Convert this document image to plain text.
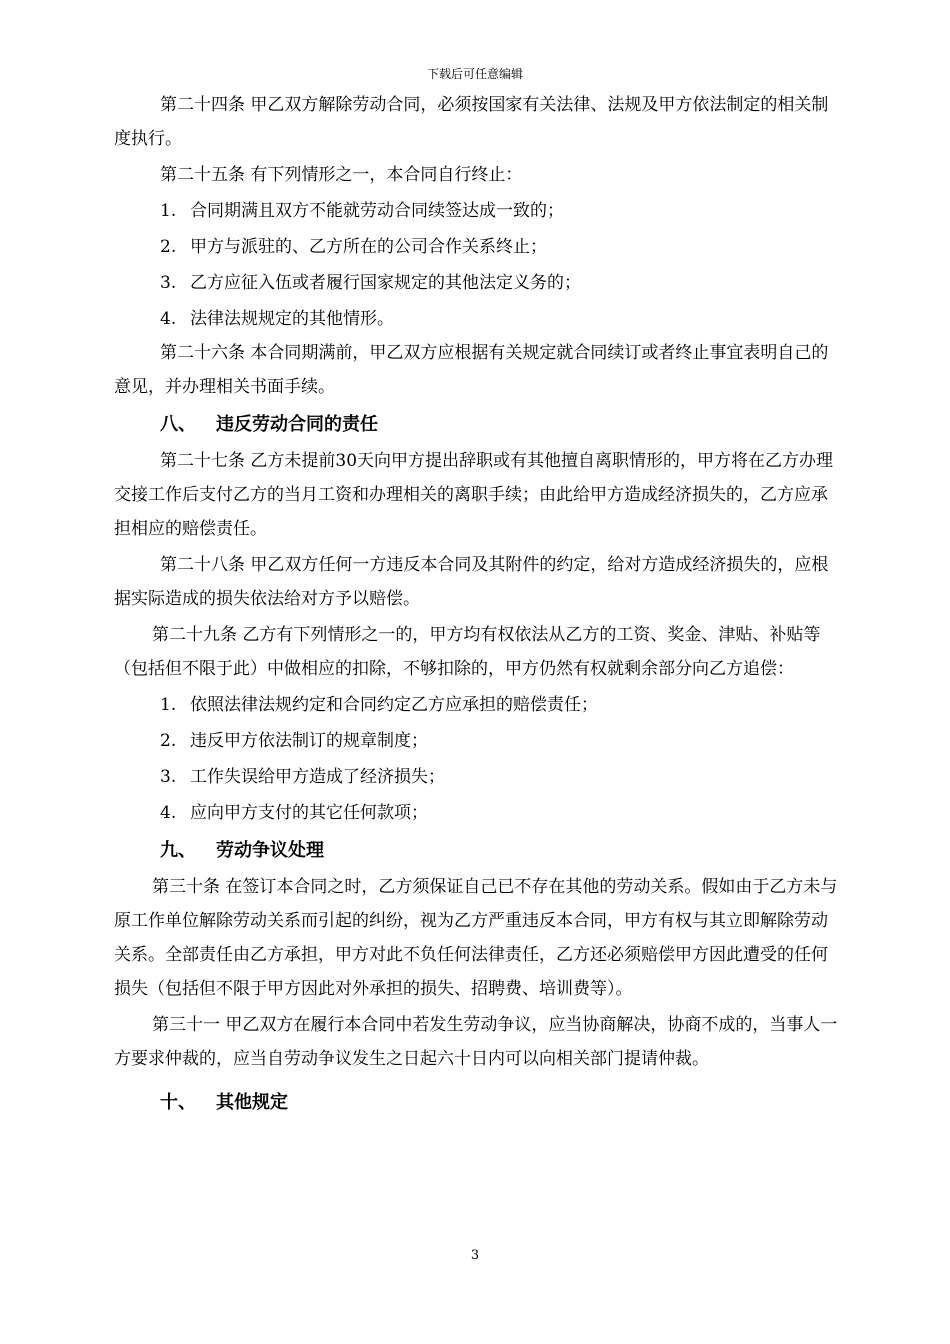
下载后可任意编辑

第二十四条 甲乙双方解除劳动合同，必须按国家有关法律、法规及甲方依法制定的相关制度执行。

第二十五条 有下列情形之一，本合同自行终止：

1. 合同期满且双方不能就劳动合同续签达成一致的；
2. 甲方与派驻的、乙方所在的公司合作关系终止；
3. 乙方应征入伍或者履行国家规定的其他法定义务的；
4. 法律法规规定的其他情形。

第二十六条 本合同期满前，甲乙双方应根据有关规定就合同续订或者终止事宜表明自己的意见，并办理相关书面手续。

八、 违反劳动合同的责任

第二十七条 乙方未提前30天向甲方提出辞职或有其他擅自离职情形的，甲方将在乙方办理交接工作后支付乙方的当月工资和办理相关的离职手续；由此给甲方造成经济损失的，乙方应承担相应的赔偿责任。

第二十八条 甲乙双方任何一方违反本合同及其附件的约定，给对方造成经济损失的，应根据实际造成的损失依法给对方予以赔偿。

第二十九条 乙方有下列情形之一的，甲方均有权依法从乙方的工资、奖金、津贴、补贴等（包括但不限于此）中做相应的扣除，不够扣除的，甲方仍然有权就剩余部分向乙方追偿：

1. 依照法律法规约定和合同约定乙方应承担的赔偿责任；
2. 违反甲方依法制订的规章制度；
3. 工作失误给甲方造成了经济损失；
4. 应向甲方支付的其它任何款项；
九、 劳动争议处理

第三十条 在签订本合同之时，乙方须保证自己已不存在其他的劳动关系。假如由于乙方未与原工作单位解除劳动关系而引起的纠纷，视为乙方严重违反本合同，甲方有权与其立即解除劳动关系。全部责任由乙方承担，甲方对此不负任何法律责任，乙方还必须赔偿甲方因此遭受的任何损失（包括但不限于甲方因此对外承担的损失、招聘费、培训费等）。

第三十一 甲乙双方在履行本合同中若发生劳动争议，应当协商解决，协商不成的，当事人一方要求仲裁的，应当自劳动争议发生之日起六十日内可以向相关部门提请仲裁。

十、 其他规定
3
